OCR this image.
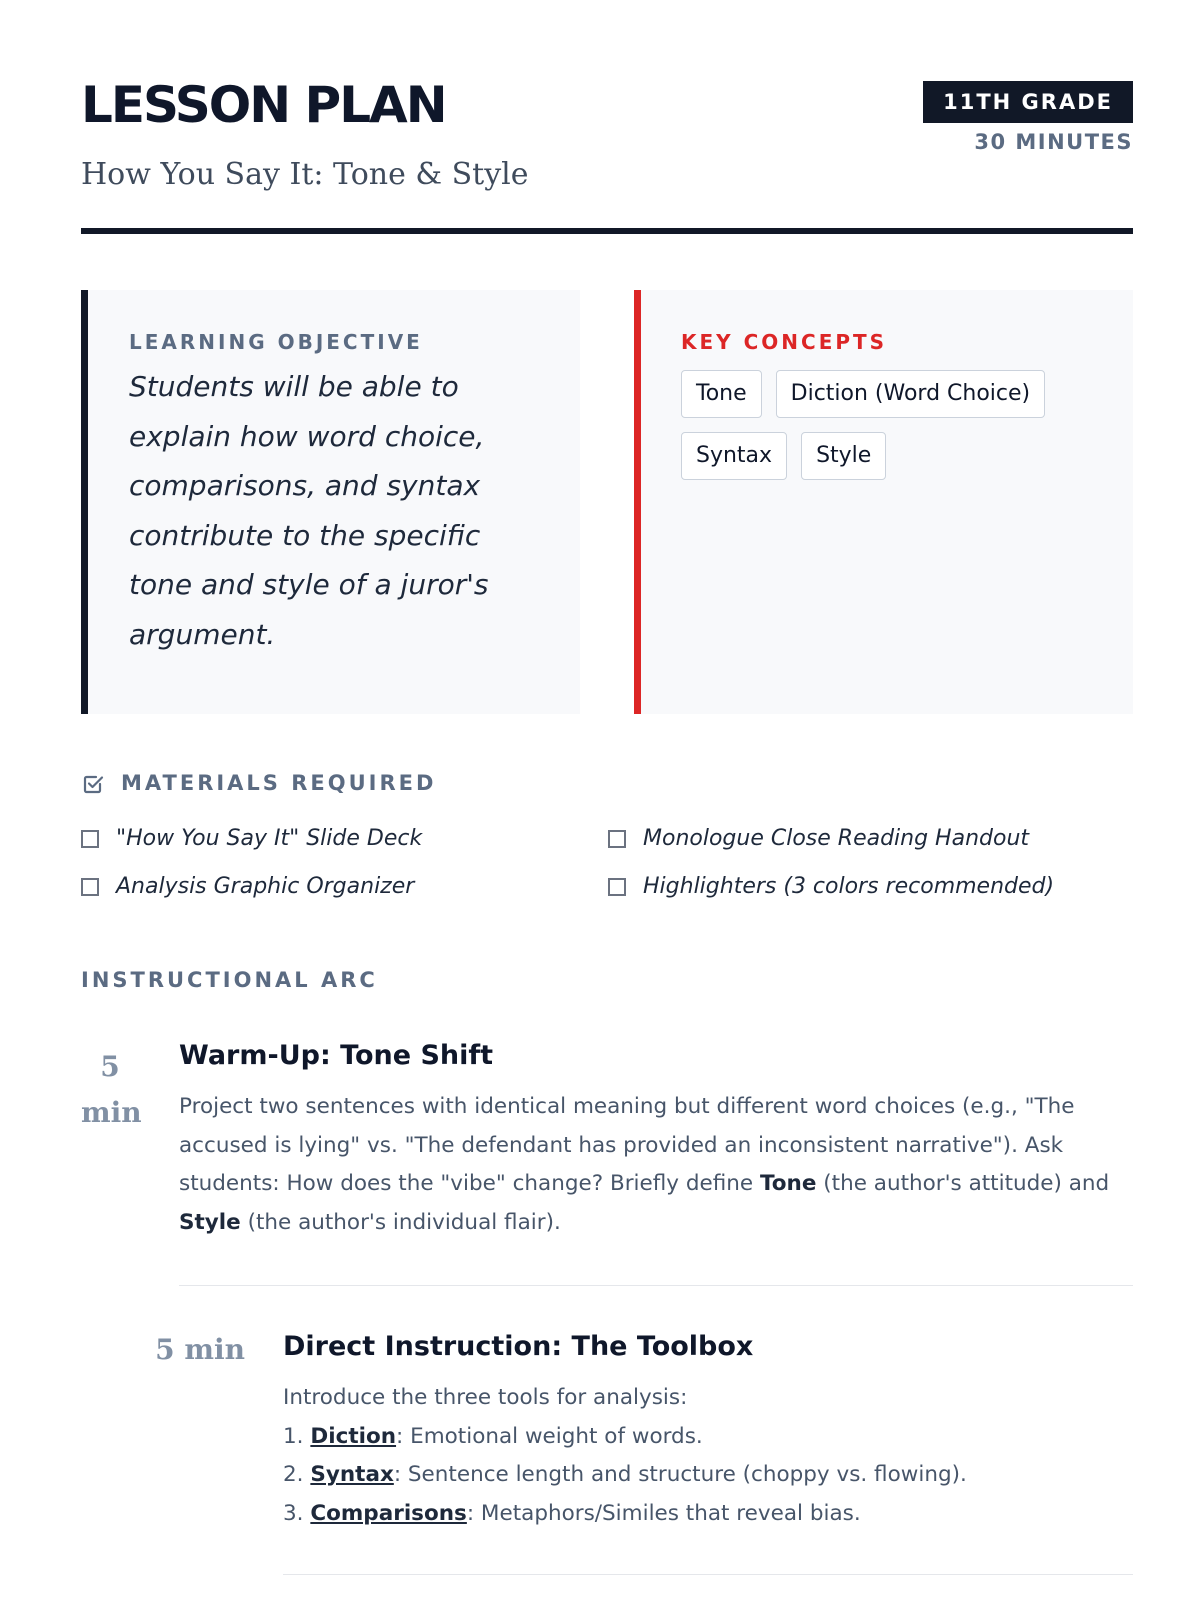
LESSON PLAN
How You Say It: Tone & Style
11TH GRADE
30 MINUTES
LEARNING OBJECTIVE
Students will be able to explain how word choice, comparisons, and syntax contribute to the specific tone and style of a juror's argument.
KEY CONCEPTS
Tone	Diction (Word Choice)
Syntax	Style
MATERIALS REQUIRED
"How You Say It" Slide Deck	Monologue Close Reading Handout
Analysis Graphic Organizer	Highlighters (3 colors recommended)
INSTRUCTIONAL ARC
5
min
Warm-Up: Tone Shift
Project two sentences with identical meaning but different word choices (e.g., "The accused is lying" vs. "The defendant has provided an inconsistent narrative"). Ask students: How does the "vibe" change? Briefly define Tone (the author's attitude) and Style (the author's individual flair).
5 min Direct Instruction: The Toolbox
Introduce the three tools for analysis:
1. Diction: Emotional weight of words.
2. Syntax: Sentence length and structure (choppy vs. flowing).
3. Comparisons: Metaphors/Similes that reveal bias.
